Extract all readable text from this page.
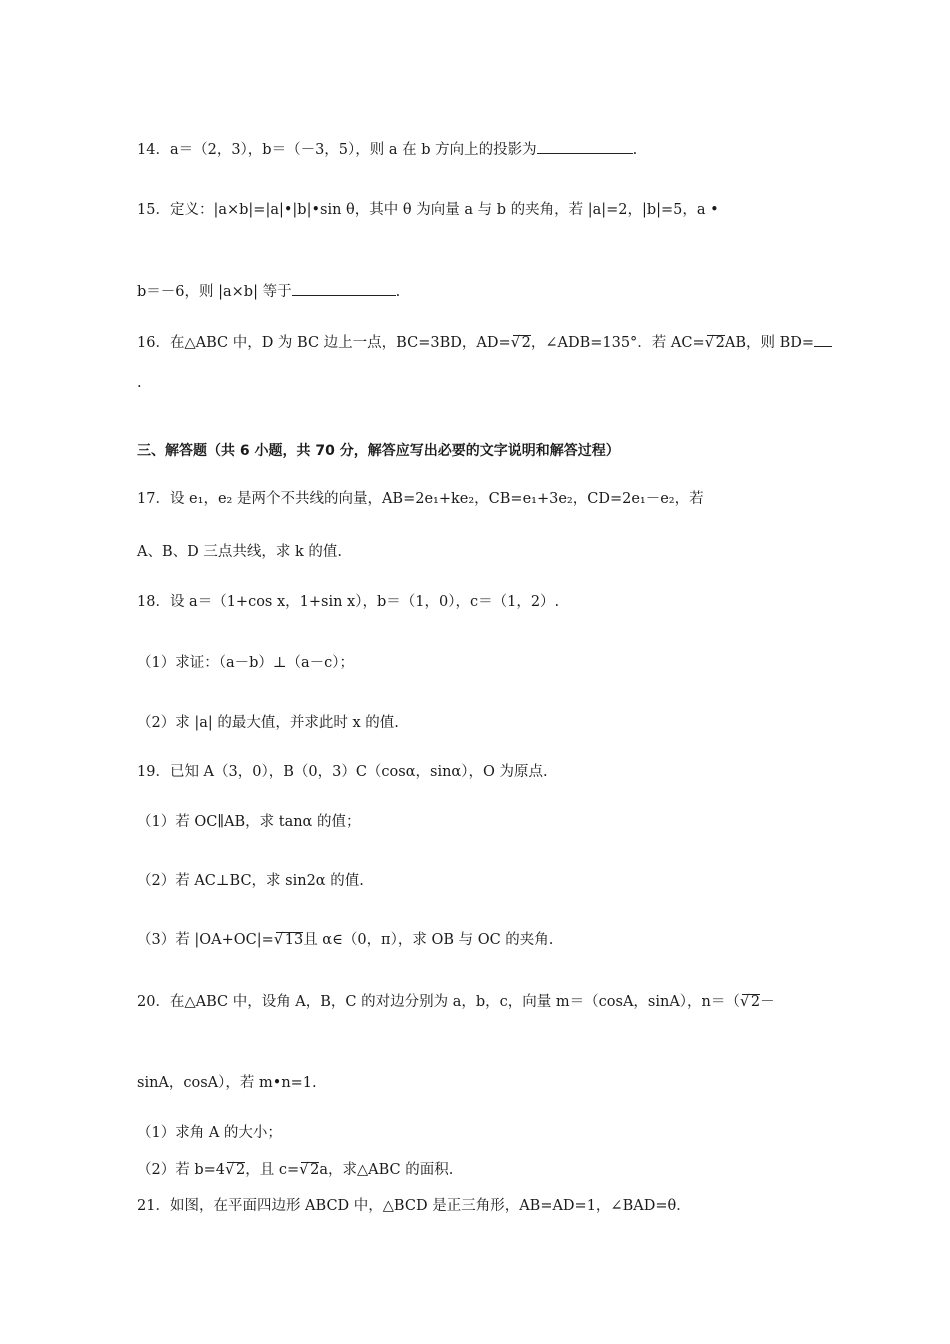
14．a＝（2，3），b＝（－3，5），则 a 在 b 方向上的投影为	.
15．定义：|a×b|=|a|•|b|•sin θ，其中 θ 为向量 a 与 b 的夹角，若 |a|=2，|b|=5，a •
b＝－6，则 |a×b| 等于	.
16．在△ABC 中，D 为 BC 边上一点，BC=3BD，AD= √ 2，∠ADB=135°．若 AC= √ 2AB，则 BD=
.
三、解答题（共 6 小题，共 70 分，解答应写出必要的文字说明和解答过程）
17．设 e₁，e₂ 是两个不共线的向量，AB=2e₁+ke₂，CB=e₁+3e₂，CD=2e₁－e₂，若
A、B、D 三点共线，求 k 的值.
18．设 a＝（1+cos x，1+sin x），b＝（1，0），c＝（1，2）.
（1）求证：（a－b）⊥（a－c）；
（2）求 |a| 的最大值，并求此时 x 的值.
19．已知 A（3，0），B（0，3）C（cosα，sinα），O 为原点.
（1）若 OC∥AB，求 tanα 的值；
（2）若 AC⊥BC，求 sin2α 的值.
（3）若 |OA+OC|= √ 13且 α∈（0，π），求 OB 与 OC 的夹角.
20．在△ABC 中，设角 A，B，C 的对边分别为 a，b，c，向量 m＝（cosA，sinA），n＝（ √ 2－
sinA，cosA），若 m•n=1.
（1）求角 A 的大小；
（2）若 b=4 √ 2，且 c= √ 2a，求△ABC 的面积.
21．如图，在平面四边形 ABCD 中，△BCD 是正三角形，AB=AD=1，∠BAD=θ．
